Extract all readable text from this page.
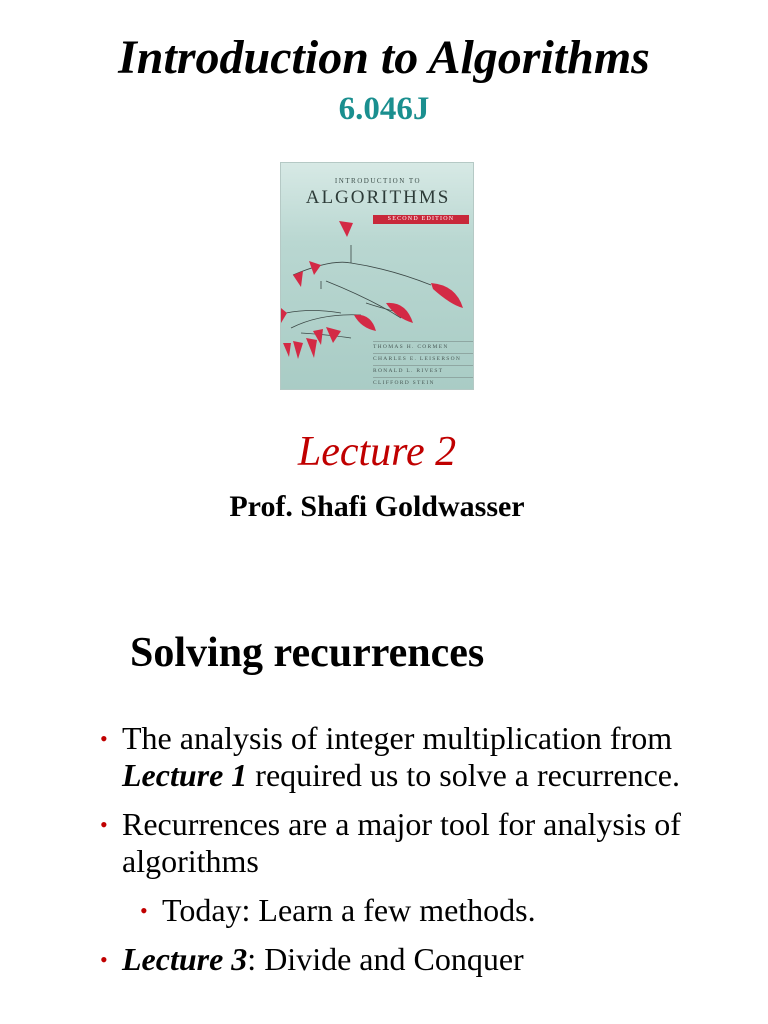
Introduction to Algorithms
6.046J
INTRODUCTION TO
ALGORITHMS
SECOND EDITION
THOMAS H. CORMEN
CHARLES E. LEISERSON
RONALD L. RIVEST
CLIFFORD STEIN
Lecture 2
Prof. Shafi Goldwasser
Solving recurrences
• The analysis of integer multiplication from Lecture 1 required us to solve a recurrence.
• Recurrences are a major tool for analysis of algorithms
• Today: Learn a few methods.
• Lecture 3: Divide and Conquer
